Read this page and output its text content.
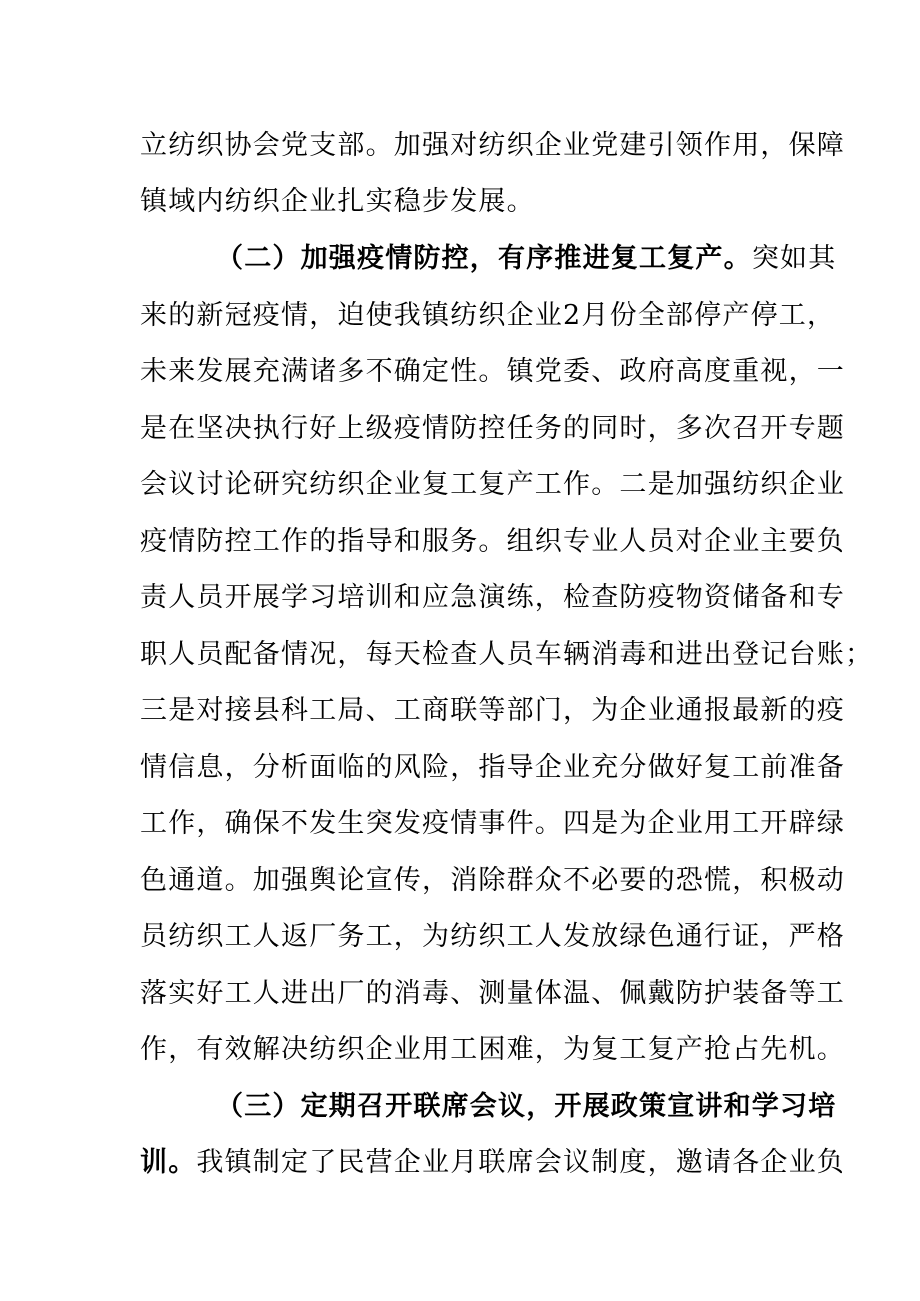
立纺织协会党支部。加强对纺织企业党建引领作用，保障
镇域内纺织企业扎实稳步发展。
（二）加强疫情防控，有序推进复工复产。突如其
来的新冠疫情，迫使我镇纺织企业2月份全部停产停工，
未来发展充满诸多不确定性。镇党委、政府高度重视，一
是在坚决执行好上级疫情防控任务的同时，多次召开专题
会议讨论研究纺织企业复工复产工作。二是加强纺织企业
疫情防控工作的指导和服务。组织专业人员对企业主要负
责人员开展学习培训和应急演练，检查防疫物资储备和专
职人员配备情况，每天检查人员车辆消毒和进出登记台账；
三是对接县科工局、工商联等部门，为企业通报最新的疫
情信息，分析面临的风险，指导企业充分做好复工前准备
工作，确保不发生突发疫情事件。四是为企业用工开辟绿
色通道。加强舆论宣传，消除群众不必要的恐慌，积极动
员纺织工人返厂务工，为纺织工人发放绿色通行证，严格
落实好工人进出厂的消毒、测量体温、佩戴防护装备等工
作，有效解决纺织企业用工困难，为复工复产抢占先机。
（三）定期召开联席会议，开展政策宣讲和学习培
训。我镇制定了民营企业月联席会议制度，邀请各企业负
